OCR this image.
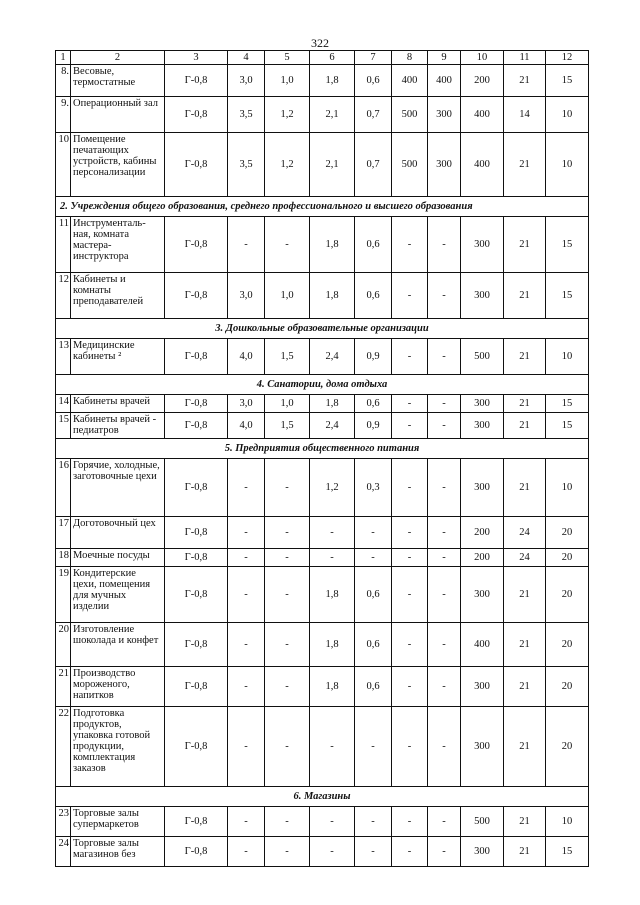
322
1	2	3	4	5	6	7	8	9	10	11	12
8.	Весовые, термостатные	Г-0,8	3,0	1,0	1,8	0,6	400	400	200	21	15
9.	Операционный зал	Г-0,8	3,5	1,2	2,1	0,7	500	300	400	14	10
10	Помещение печатающих устройств, кабины персонализации	Г-0,8	3,5	1,2	2,1	0,7	500	300	400	21	10
2. Учреждения общего образования, среднего профессионального и высшего образования											
11	Инструменталь-ная, комната мастера-инструктора	Г-0,8	-	-	1,8	0,6	-	-	300	21	15
12	Кабинеты и комнаты преподавателей	Г-0,8	3,0	1,0	1,8	0,6	-	-	300	21	15
3. Дошкольные образовательные организации											
13	Медицинские кабинеты ²	Г-0,8	4,0	1,5	2,4	0,9	-	-	500	21	10
4. Санатории, дома отдыха											
14	Кабинеты врачей	Г-0,8	3,0	1,0	1,8	0,6	-	-	300	21	15
15	Кабинеты врачей - педиатров	Г-0,8	4,0	1,5	2,4	0,9	-	-	300	21	15
5. Предприятия общественного питания											
16	Горячие, холодные, заготовочные цехи	Г-0,8	-	-	1,2	0,3	-	-	300	21	10
17	Доготовочный цех	Г-0,8	-	-	-	-	-	-	200	24	20
18	Моечные посуды	Г-0,8	-	-	-	-	-	-	200	24	20
19	Кондитерские цехи, помещения для мучных изделии	Г-0,8	-	-	1,8	0,6	-	-	300	21	20
20	Изготовление шоколада и конфет	Г-0,8	-	-	1,8	0,6	-	-	400	21	20
21	Производство мороженого, напитков	Г-0,8	-	-	1,8	0,6	-	-	300	21	20
22	Подготовка продуктов, упаковка готовой продукции, комплектация заказов	Г-0,8	-	-	-	-	-	-	300	21	20
6. Магазины											
23	Торговые залы супермаркетов	Г-0,8	-	-	-	-	-	-	500	21	10
24	Торговые залы магазинов без	Г-0,8	-	-	-	-	-	-	300	21	15
